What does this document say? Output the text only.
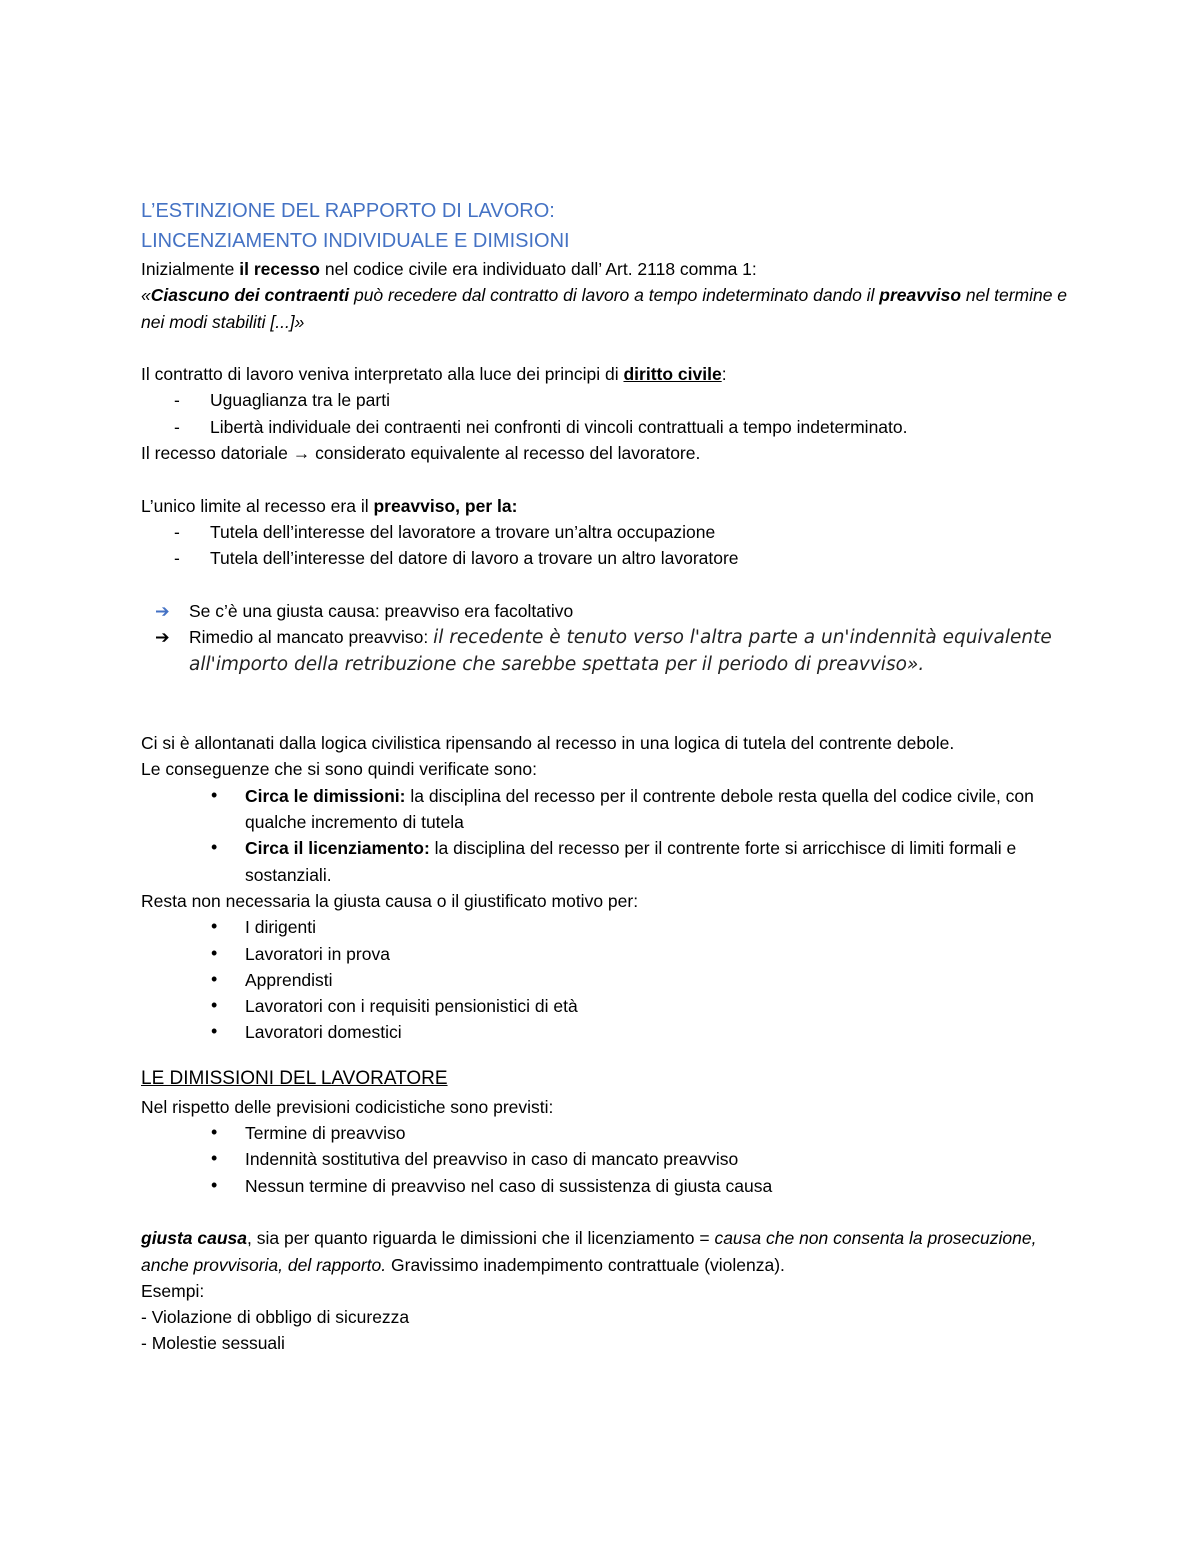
L’ESTINZIONE DEL RAPPORTO DI LAVORO:
LINCENZIAMENTO INDIVIDUALE E DIMISIONI

Inizialmente il recesso nel codice civile era individuato dall’ Art. 2118 comma 1:

«Ciascuno dei contraenti può recedere dal contratto di lavoro a tempo indeterminato dando il preavviso nel termine e nei modi stabiliti [...]»

Il contratto di lavoro veniva interpretato alla luce dei principi di diritto civile:

- Uguaglianza tra le parti
- Libertà individuale dei contraenti nei confronti di vincoli contrattuali a tempo indeterminato.

Il recesso datoriale → considerato equivalente al recesso del lavoratore.

L’unico limite al recesso era il preavviso, per la:

- Tutela dell’interesse del lavoratore a trovare un’altra occupazione
- Tutela dell’interesse del datore di lavoro a trovare un altro lavoratore
➔ Se c’è una giusta causa: preavviso era facoltativo
➔ Rimedio al mancato preavviso: il recedente è tenuto verso l'altra parte a un'indennità equivalente all'importo della retribuzione che sarebbe spettata per il periodo di preavviso».

Ci si è allontanati dalla logica civilistica ripensando al recesso in una logica di tutela del contrente debole.

Le conseguenze che si sono quindi verificate sono:

• Circa le dimissioni: la disciplina del recesso per il contrente debole resta quella del codice civile, con qualche incremento di tutela
• Circa il licenziamento: la disciplina del recesso per il contrente forte si arricchisce di limiti formali e sostanziali.

Resta non necessaria la giusta causa o il giustificato motivo per:

• I dirigenti
• Lavoratori in prova
• Apprendisti
• Lavoratori con i requisiti pensionistici di età
• Lavoratori domestici

LE DIMISSIONI DEL LAVORATORE

Nel rispetto delle previsioni codicistiche sono previsti:

• Termine di preavviso
• Indennità sostitutiva del preavviso in caso di mancato preavviso
• Nessun termine di preavviso nel caso di sussistenza di giusta causa

giusta causa, sia per quanto riguarda le dimissioni che il licenziamento = causa che non consenta la prosecuzione, anche provvisoria, del rapporto. Gravissimo inadempimento contrattuale (violenza).

Esempi:

- Violazione di obbligo di sicurezza

- Molestie sessuali
